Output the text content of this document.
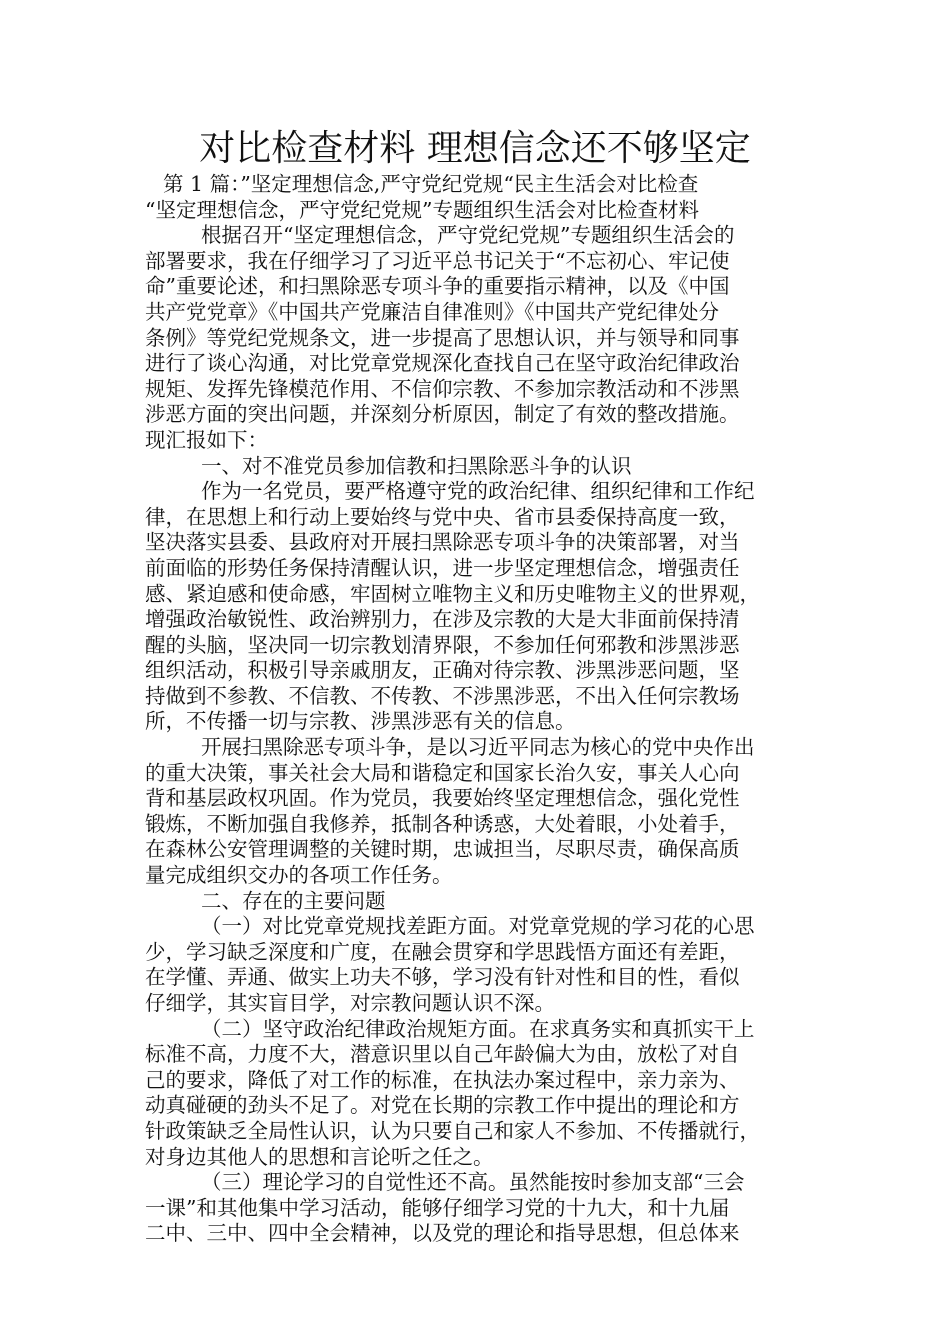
对比检查材料 理想信念还不够坚定
第 1 篇：”坚定理想信念,严守党纪党规“民主生活会对比检查
“坚定理想信念，严守党纪党规”专题组织生活会对比检查材料
根据召开“坚定理想信念，严守党纪党规”专题组织生活会的
部署要求，我在仔细学习了习近平总书记关于“不忘初心、牢记使
命”重要论述，和扫黑除恶专项斗争的重要指示精神，以及《中国
共产党党章》《中国共产党廉洁自律准则》《中国共产党纪律处分
条例》等党纪党规条文，进一步提高了思想认识，并与领导和同事
进行了谈心沟通，对比党章党规深化查找自己在坚守政治纪律政治
规矩、发挥先锋模范作用、不信仰宗教、不参加宗教活动和不涉黑
涉恶方面的突出问题，并深刻分析原因，制定了有效的整改措施。
现汇报如下：
一、对不准党员参加信教和扫黑除恶斗争的认识
作为一名党员，要严格遵守党的政治纪律、组织纪律和工作纪
律，在思想上和行动上要始终与党中央、省市县委保持高度一致，
坚决落实县委、县政府对开展扫黑除恶专项斗争的决策部署，对当
前面临的形势任务保持清醒认识，进一步坚定理想信念，增强责任
感、紧迫感和使命感，牢固树立唯物主义和历史唯物主义的世界观，
增强政治敏锐性、政治辨别力，在涉及宗教的大是大非面前保持清
醒的头脑，坚决同一切宗教划清界限，不参加任何邪教和涉黑涉恶
组织活动，积极引导亲戚朋友，正确对待宗教、涉黑涉恶问题，坚
持做到不参教、不信教、不传教、不涉黑涉恶，不出入任何宗教场
所，不传播一切与宗教、涉黑涉恶有关的信息。
开展扫黑除恶专项斗争，是以习近平同志为核心的党中央作出
的重大决策，事关社会大局和谐稳定和国家长治久安，事关人心向
背和基层政权巩固。作为党员，我要始终坚定理想信念，强化党性
锻炼，不断加强自我修养，抵制各种诱惑，大处着眼，小处着手，
在森林公安管理调整的关键时期，忠诚担当，尽职尽责，确保高质
量完成组织交办的各项工作任务。
二、存在的主要问题
（一）对比党章党规找差距方面。对党章党规的学习花的心思
少，学习缺乏深度和广度，在融会贯穿和学思践悟方面还有差距，
在学懂、弄通、做实上功夫不够，学习没有针对性和目的性，看似
仔细学，其实盲目学，对宗教问题认识不深。
（二）坚守政治纪律政治规矩方面。在求真务实和真抓实干上
标准不高，力度不大，潜意识里以自己年龄偏大为由，放松了对自
己的要求，降低了对工作的标准，在执法办案过程中，亲力亲为、
动真碰硬的劲头不足了。对党在长期的宗教工作中提出的理论和方
针政策缺乏全局性认识，认为只要自己和家人不参加、不传播就行，
对身边其他人的思想和言论听之任之。
（三）理论学习的自觉性还不高。虽然能按时参加支部“三会
一课”和其他集中学习活动，能够仔细学习党的十九大，和十九届
二中、三中、四中全会精神，以及党的理论和指导思想，但总体来
